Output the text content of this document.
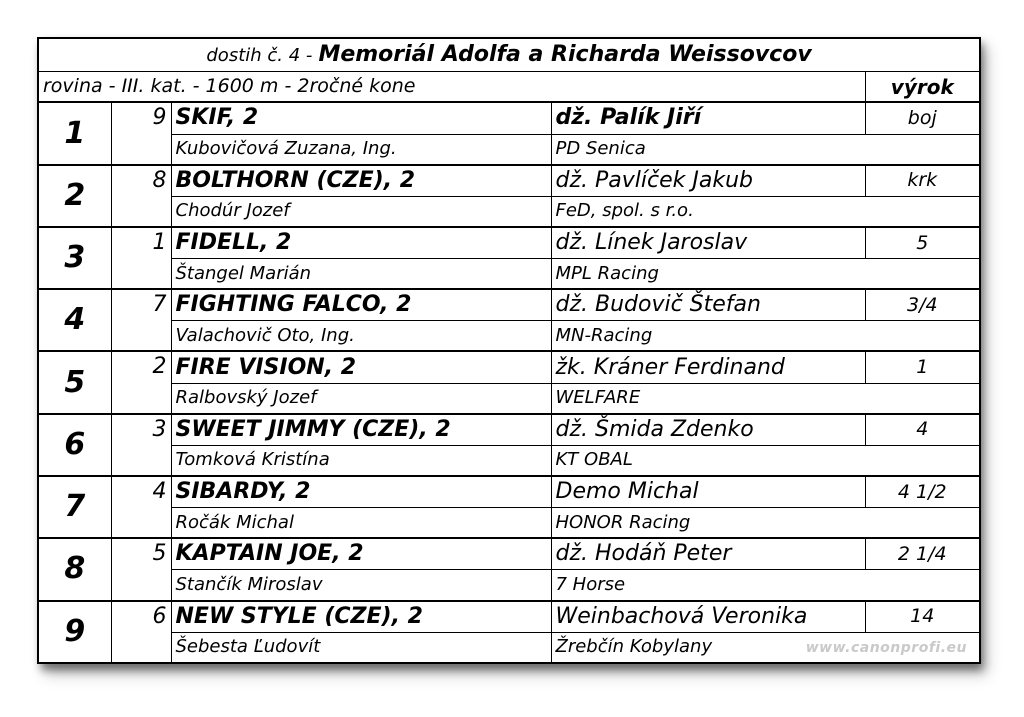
dostih č. 4 - Memoriál Adolfa a Richarda Weissovcov				
rovina - III. kat. - 1600 m - 2ročné kone				výrok
1	9	SKIF, 2	dž. Palík Jiří	boj
		Kubovičová Zuzana, Ing.	PD Senica	
2	8	BOLTHORN (CZE), 2	dž. Pavlíček Jakub	krk
		Chodúr Jozef	FeD, spol. s r.o.	
3	1	FIDELL, 2	dž. Línek Jaroslav	5
		Štangel Marián	MPL Racing	
4	7	FIGHTING FALCO, 2	dž. Budovič Štefan	3/4
		Valachovič Oto, Ing.	MN-Racing	
5	2	FIRE VISION, 2	žk. Kráner Ferdinand	1
		Ralbovský Jozef	WELFARE	
6	3	SWEET JIMMY (CZE), 2	dž. Šmida Zdenko	4
		Tomková Kristína	KT OBAL	
7	4	SIBARDY, 2	Demo Michal	4 1/2
		Ročák Michal	HONOR Racing	
8	5	KAPTAIN JOE, 2	dž. Hodáň Peter	2 1/4
		Stančík Miroslav	7 Horse	
9	6	NEW STYLE (CZE), 2	Weinbachová Veronika	14
		Šebesta Ľudovít	Žrebčín Kobylany		www.canonprofi.eu
